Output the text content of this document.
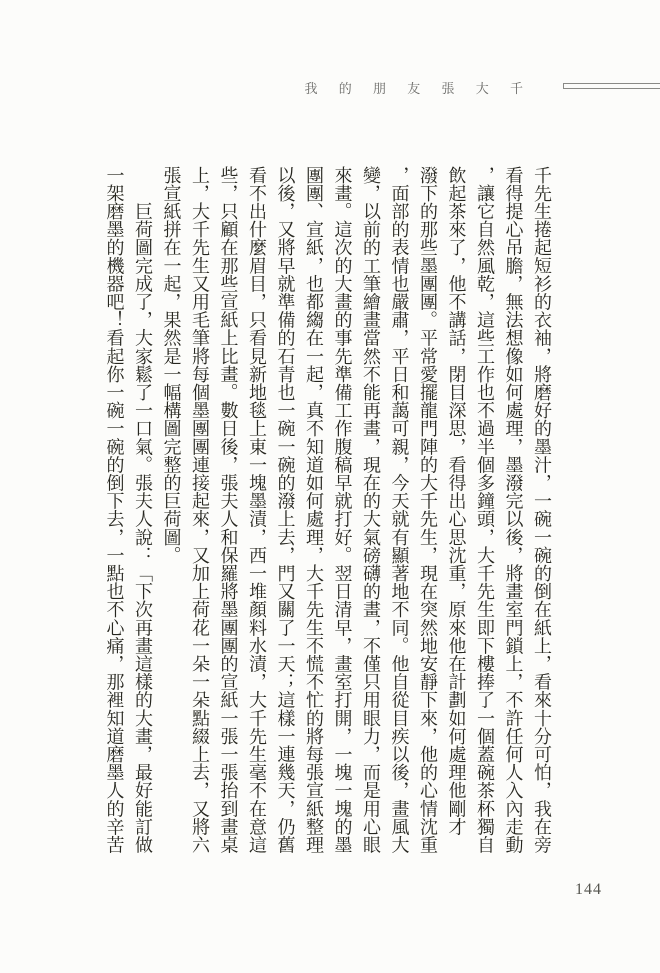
我 的 朋 友 張 大 千
千先生捲起短衫的衣袖，將磨好的墨汁，一碗一碗的倒在紙上，看來十分可怕，我在旁
看得提心吊膽，無法想像如何處理，墨潑完以後，將畫室門鎖上，不許任何人入內走動
，讓它自然風乾，這些工作也不過半個多鐘頭，大千先生即下樓捧了一個蓋碗茶杯獨自
飲起茶來了，他不講話，閉目深思，看得出心思沈重，原來他在計劃如何處理他剛才
潑下的那些墨團團。平常愛擺龍門陣的大千先生，現在突然地安靜下來，他的心情沈重
，面部的表情也嚴肅，平日和藹可親，今天就有顯著地不同。他自從目疾以後，畫風大
變，以前的工筆繪畫當然不能再畫，現在的大氣磅礴的畫，不僅只用眼力，而是用心眼
來畫。這次的大畫的事先準備工作腹稿早就打好。翌日清早，畫室打開，一塊一塊的墨
團團、宣紙，也都縐在一起，真不知道如何處理，大千先生不慌不忙的將每張宣紙整理
以後，又將早就準備的石青也一碗一碗的潑上去，門又關了一天；這樣一連幾天，仍舊
看不出什麼眉目，只看見新地毯上東一塊墨漬，西一堆顏料水漬，大千先生毫不在意這
些，只顧在那些宣紙上比畫。數日後，張夫人和保羅將墨團團的宣紙一張一張抬到畫桌
上，大千先生又用毛筆將每個墨團團連接起來，又加上荷花一朵一朵點綴上去，又將六
張宣紙拼在一起，果然是一幅構圖完整的巨荷圖。
　　巨荷圖完成了，大家鬆了一口氣。張夫人說：「下次再畫這樣的大畫，最好能訂做
一架磨墨的機器吧！看起你一碗一碗的倒下去，一點也不心痛，那裡知道磨墨人的辛苦
144
